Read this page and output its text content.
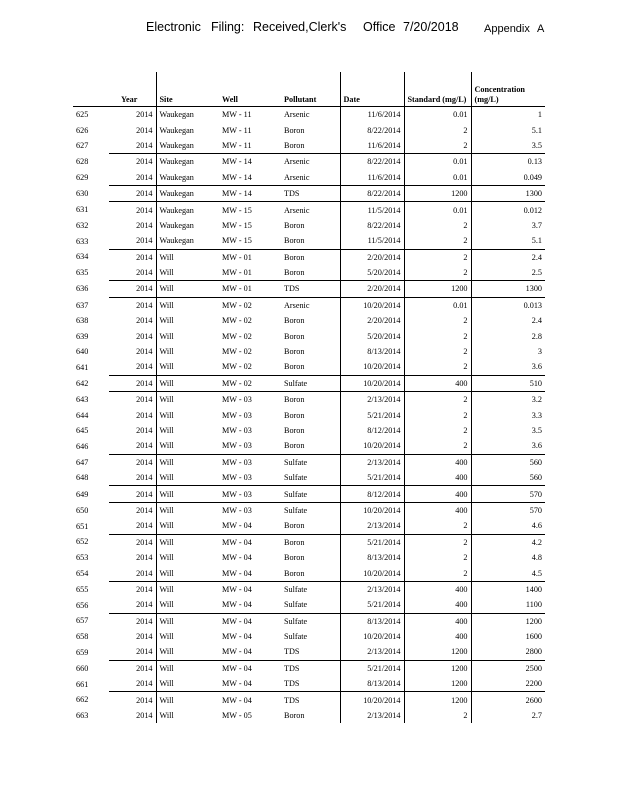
Electronic Filing: Received,Clerk's Office 7/20/2018 Appendix A
	Year	Site	Well	Pollutant	Date	Standard (mg/L)	Concentration (mg/L)
625	2014	Waukegan	MW - 11	Arsenic	11/6/2014	0.01	1
626	2014	Waukegan	MW - 11	Boron	8/22/2014	2	5.1
627	2014	Waukegan	MW - 11	Boron	11/6/2014	2	3.5
628	2014	Waukegan	MW - 14	Arsenic	8/22/2014	0.01	0.13
629	2014	Waukegan	MW - 14	Arsenic	11/6/2014	0.01	0.049
630	2014	Waukegan	MW - 14	TDS	8/22/2014	1200	1300
631	2014	Waukegan	MW - 15	Arsenic	11/5/2014	0.01	0.012
632	2014	Waukegan	MW - 15	Boron	8/22/2014	2	3.7
633	2014	Waukegan	MW - 15	Boron	11/5/2014	2	5.1
634	2014	Will	MW - 01	Boron	2/20/2014	2	2.4
635	2014	Will	MW - 01	Boron	5/20/2014	2	2.5
636	2014	Will	MW - 01	TDS	2/20/2014	1200	1300
637	2014	Will	MW - 02	Arsenic	10/20/2014	0.01	0.013
638	2014	Will	MW - 02	Boron	2/20/2014	2	2.4
639	2014	Will	MW - 02	Boron	5/20/2014	2	2.8
640	2014	Will	MW - 02	Boron	8/13/2014	2	3
641	2014	Will	MW - 02	Boron	10/20/2014	2	3.6
642	2014	Will	MW - 02	Sulfate	10/20/2014	400	510
643	2014	Will	MW - 03	Boron	2/13/2014	2	3.2
644	2014	Will	MW - 03	Boron	5/21/2014	2	3.3
645	2014	Will	MW - 03	Boron	8/12/2014	2	3.5
646	2014	Will	MW - 03	Boron	10/20/2014	2	3.6
647	2014	Will	MW - 03	Sulfate	2/13/2014	400	560
648	2014	Will	MW - 03	Sulfate	5/21/2014	400	560
649	2014	Will	MW - 03	Sulfate	8/12/2014	400	570
650	2014	Will	MW - 03	Sulfate	10/20/2014	400	570
651	2014	Will	MW - 04	Boron	2/13/2014	2	4.6
652	2014	Will	MW - 04	Boron	5/21/2014	2	4.2
653	2014	Will	MW - 04	Boron	8/13/2014	2	4.8
654	2014	Will	MW - 04	Boron	10/20/2014	2	4.5
655	2014	Will	MW - 04	Sulfate	2/13/2014	400	1400
656	2014	Will	MW - 04	Sulfate	5/21/2014	400	1100
657	2014	Will	MW - 04	Sulfate	8/13/2014	400	1200
658	2014	Will	MW - 04	Sulfate	10/20/2014	400	1600
659	2014	Will	MW - 04	TDS	2/13/2014	1200	2800
660	2014	Will	MW - 04	TDS	5/21/2014	1200	2500
661	2014	Will	MW - 04	TDS	8/13/2014	1200	2200
662	2014	Will	MW - 04	TDS	10/20/2014	1200	2600
663	2014	Will	MW - 05	Boron	2/13/2014	2	2.7
